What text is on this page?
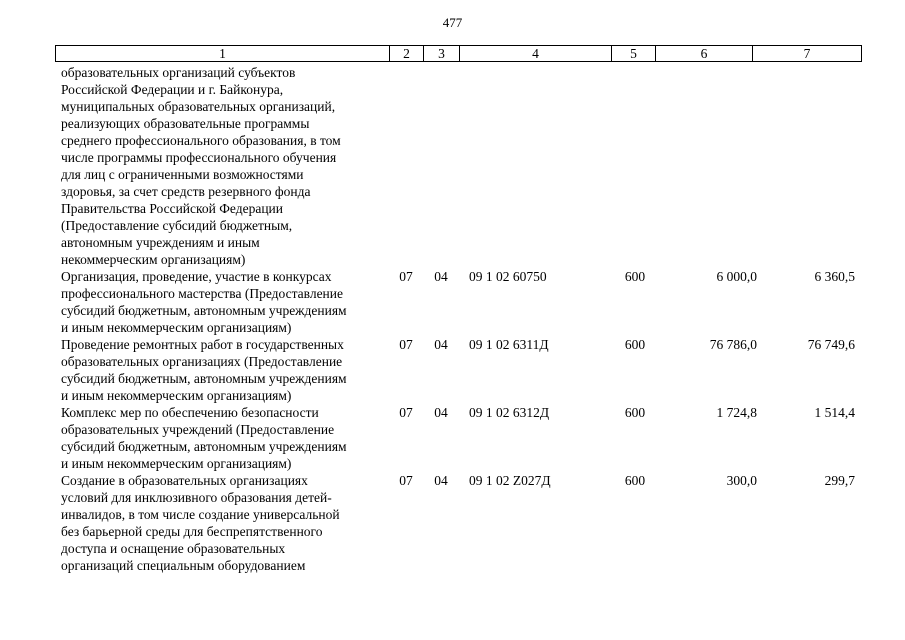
477
1	2	3	4	5	6	7
образовательных организаций субъектов
Российской Федерации и г. Байконура,
муниципальных образовательных организаций,
реализующих образовательные программы
среднего профессионального образования, в том
числе программы профессионального обучения
для лиц с ограниченными возможностями
здоровья, за счет средств резервного фонда
Правительства Российской Федерации
(Предоставление субсидий бюджетным,
автономным учреждениям и иным
некоммерческим организациям)
Организация, проведение, участие в конкурсах
профессионального мастерства (Предоставление
субсидий бюджетным, автономным учреждениям
и иным некоммерческим организациям)
07	04	09 1 02 60750	600	6 000,0	6 360,5
Проведение ремонтных работ в государственных
образовательных организациях (Предоставление
субсидий бюджетным, автономным учреждениям
и иным некоммерческим организациям)
07	04	09 1 02 6311Д	600	76 786,0	76 749,6
Комплекс мер по обеспечению безопасности
образовательных учреждений (Предоставление
субсидий бюджетным, автономным учреждениям
и иным некоммерческим организациям)
07	04	09 1 02 6312Д	600	1 724,8	1 514,4
Создание в образовательных организациях
условий для инклюзивного образования детей-
инвалидов, в том числе создание универсальной
без барьерной среды для беспрепятственного
доступа и оснащение образовательных
организаций специальным оборудованием
07	04	09 1 02 Z027Д	600	300,0	299,7
